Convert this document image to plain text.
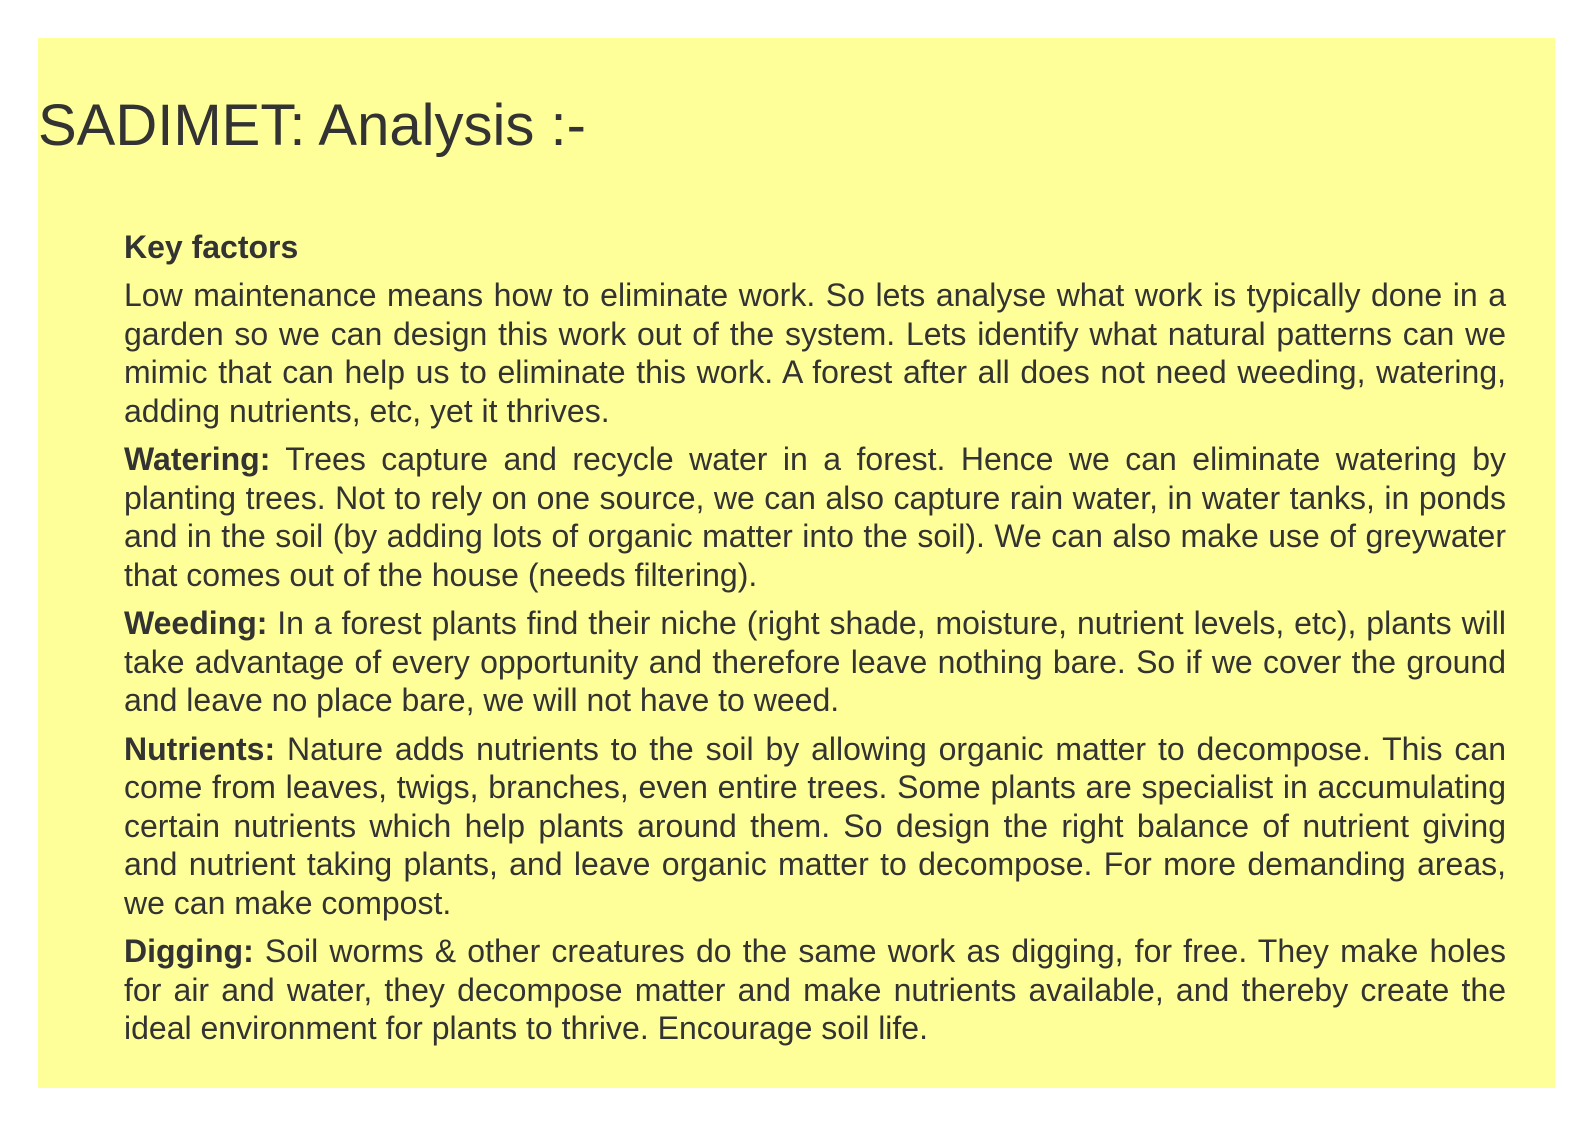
SADIMET: Analysis :-
Key factors

Low maintenance means how to eliminate work. So lets analyse what work is typically done in a garden so we can design this work out of the system. Lets identify what natural patterns can we mimic that can help us to eliminate this work. A forest after all does not need weeding, watering, adding nutrients, etc, yet it thrives.

Watering: Trees capture and recycle water in a forest. Hence we can eliminate watering by planting trees. Not to rely on one source, we can also capture rain water, in water tanks, in ponds and in the soil (by adding lots of organic matter into the soil). We can also make use of greywater that comes out of the house (needs filtering).

Weeding: In a forest plants find their niche (right shade, moisture, nutrient levels, etc), plants will take advantage of every opportunity and therefore leave nothing bare. So if we cover the ground and leave no place bare, we will not have to weed.

Nutrients: Nature adds nutrients to the soil by allowing organic matter to decompose. This can come from leaves, twigs, branches, even entire trees. Some plants are specialist in accumulating certain nutrients which help plants around them. So design the right balance of nutrient giving and nutrient taking plants, and leave organic matter to decompose. For more demanding areas, we can make compost.

Digging: Soil worms & other creatures do the same work as digging, for free. They make holes for air and water, they decompose matter and make nutrients available, and thereby create the ideal environment for plants to thrive. Encourage soil life.
